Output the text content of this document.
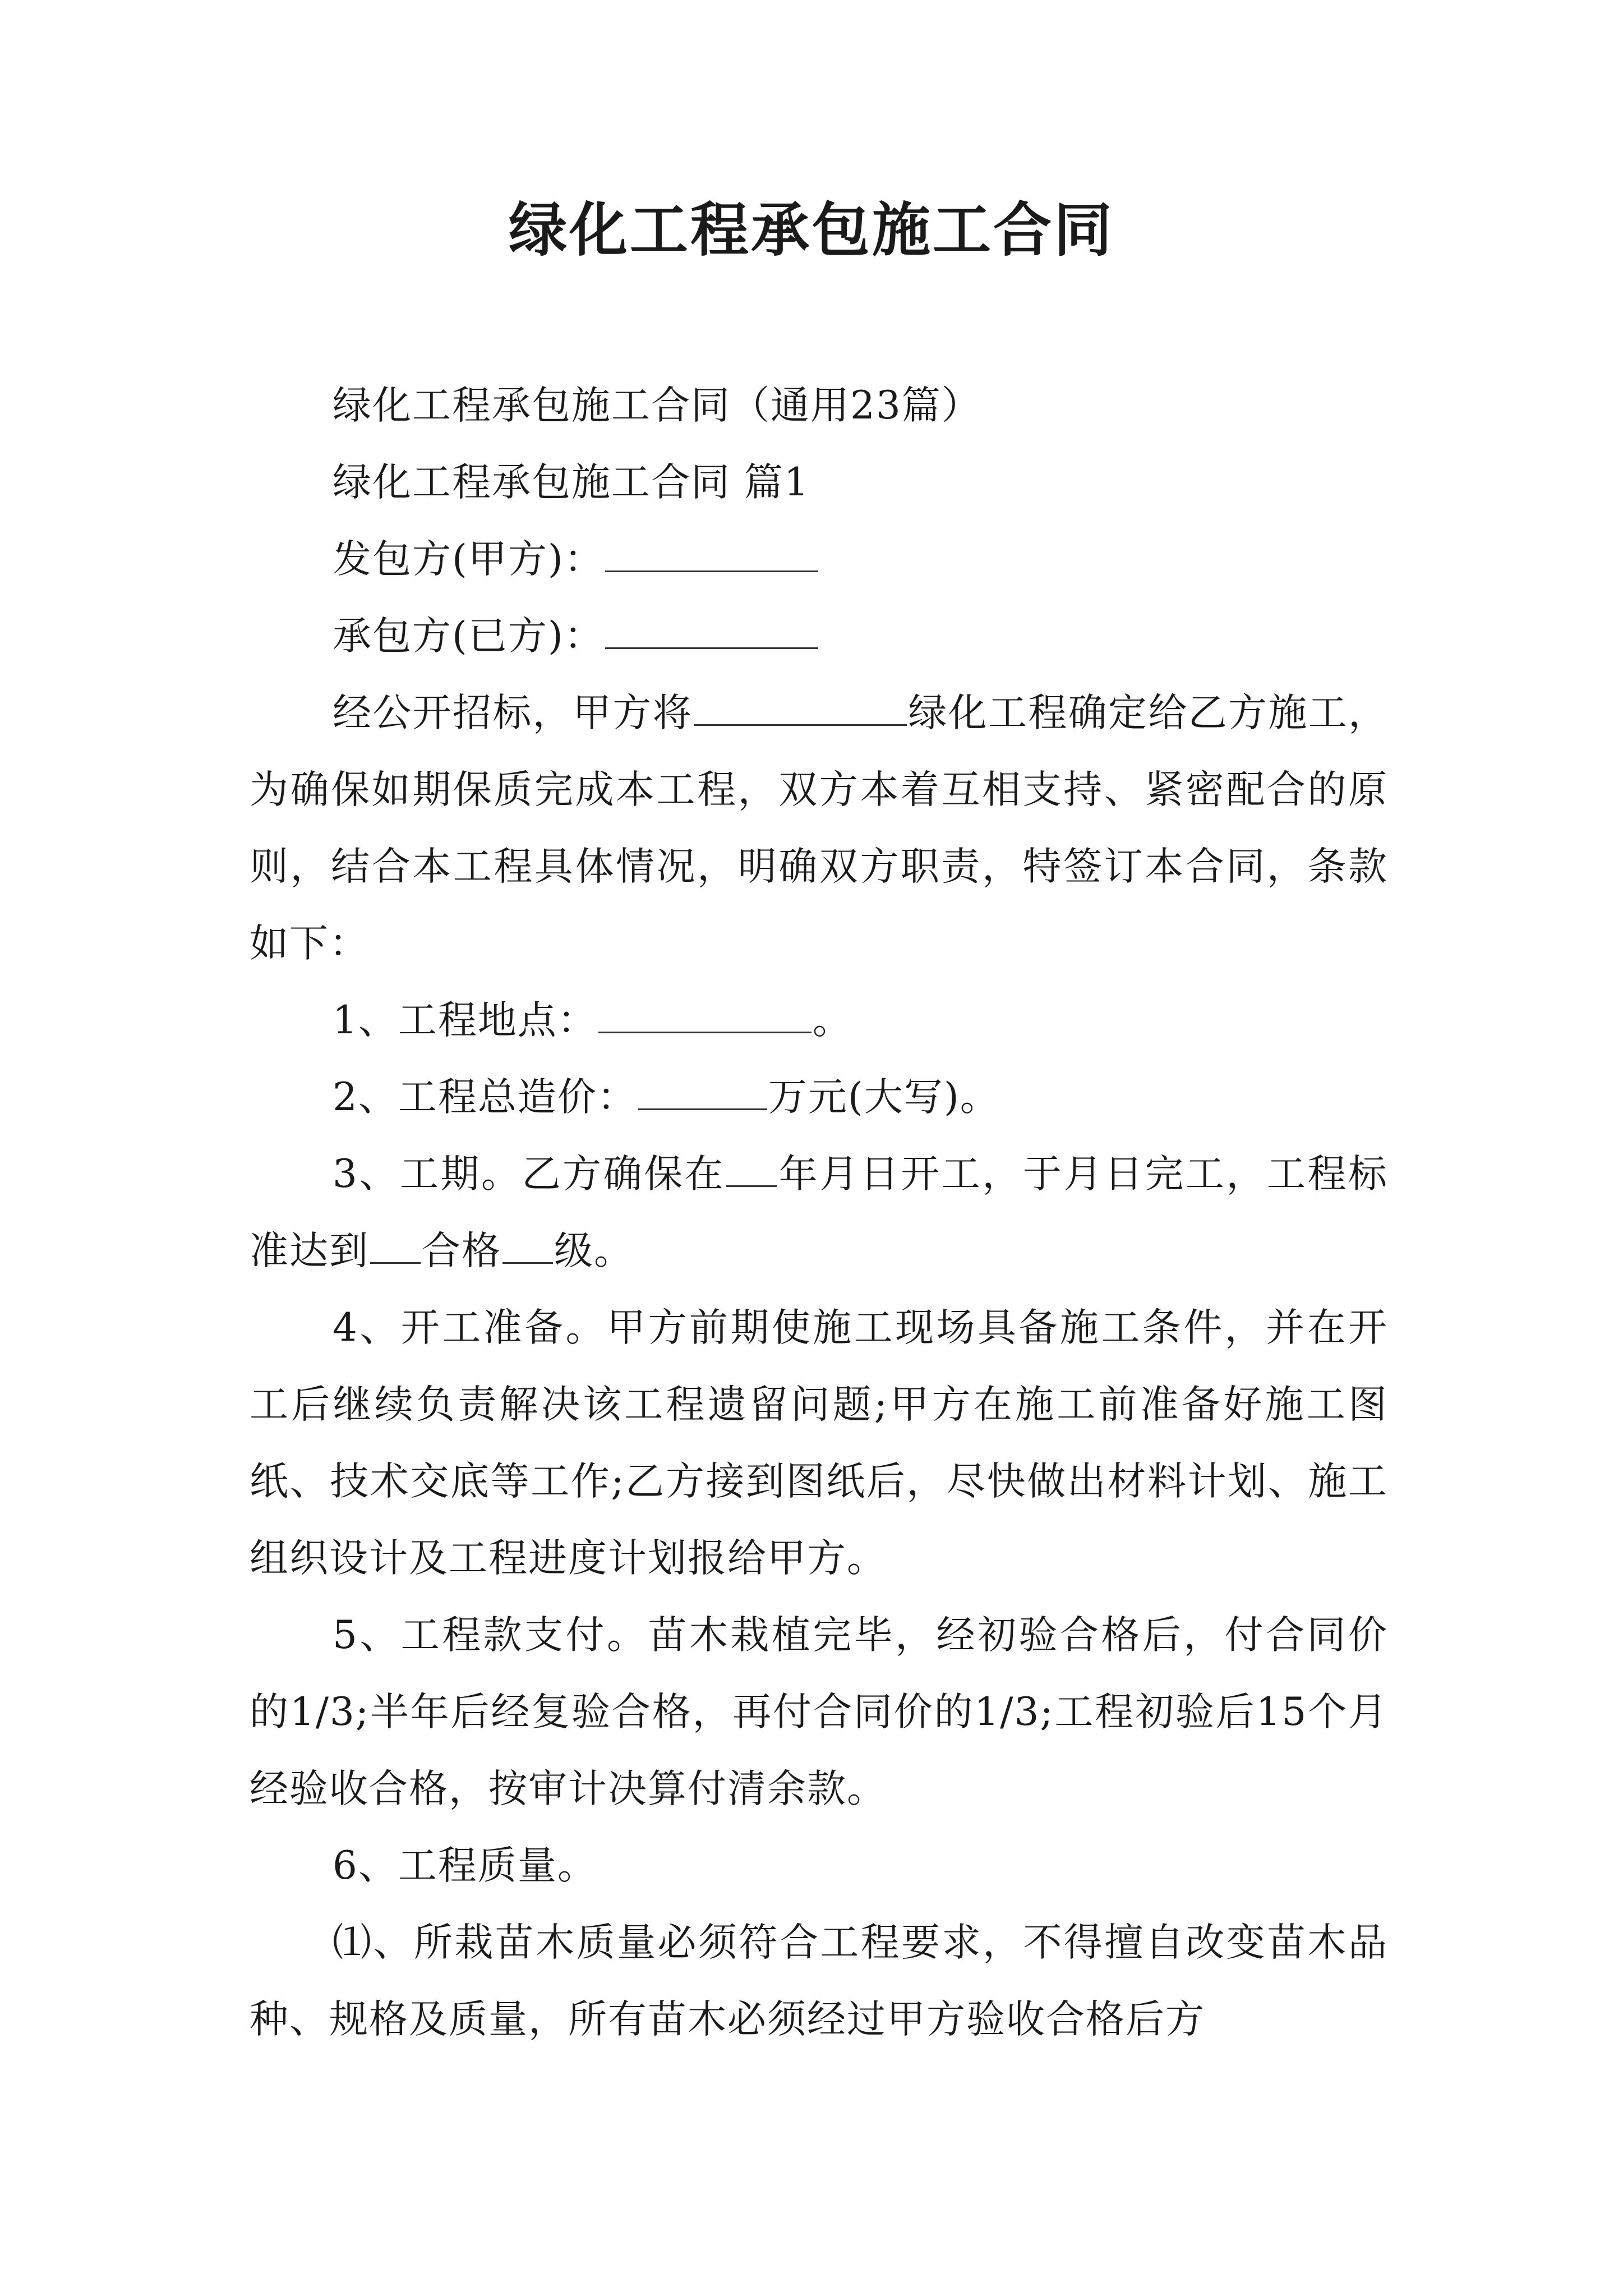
绿化工程承包施工合同

绿化工程承包施工合同（通用23篇）

绿化工程承包施工合同 篇1

发包方(甲方)：

承包方(已方)：

经公开招标，甲方将	绿化工程确定给乙方施工，为确保如期保质完成本工程，双方本着互相支持、紧密配合的原则，结合本工程具体情况，明确双方职责，特签订本合同，条款如下：

1、工程地点：	。

2、工程总造价：	万元(大写)。

3、工期。乙方确保在 年月日开工，于月日完工，工程标准达到 合格 级。

4、开工准备。甲方前期使施工现场具备施工条件，并在开工后继续负责解决该工程遗留问题;甲方在施工前准备好施工图纸、技术交底等工作;乙方接到图纸后，尽快做出材料计划、施工组织设计及工程进度计划报给甲方。

5、工程款支付。苗木栽植完毕，经初验合格后，付合同价的1/3;半年后经复验合格，再付合同价的1/3;工程初验后15个月经验收合格，按审计决算付清余款。

6、工程质量。

⑴、所栽苗木质量必须符合工程要求，不得擅自改变苗木品种、规格及质量，所有苗木必须经过甲方验收合格后方
